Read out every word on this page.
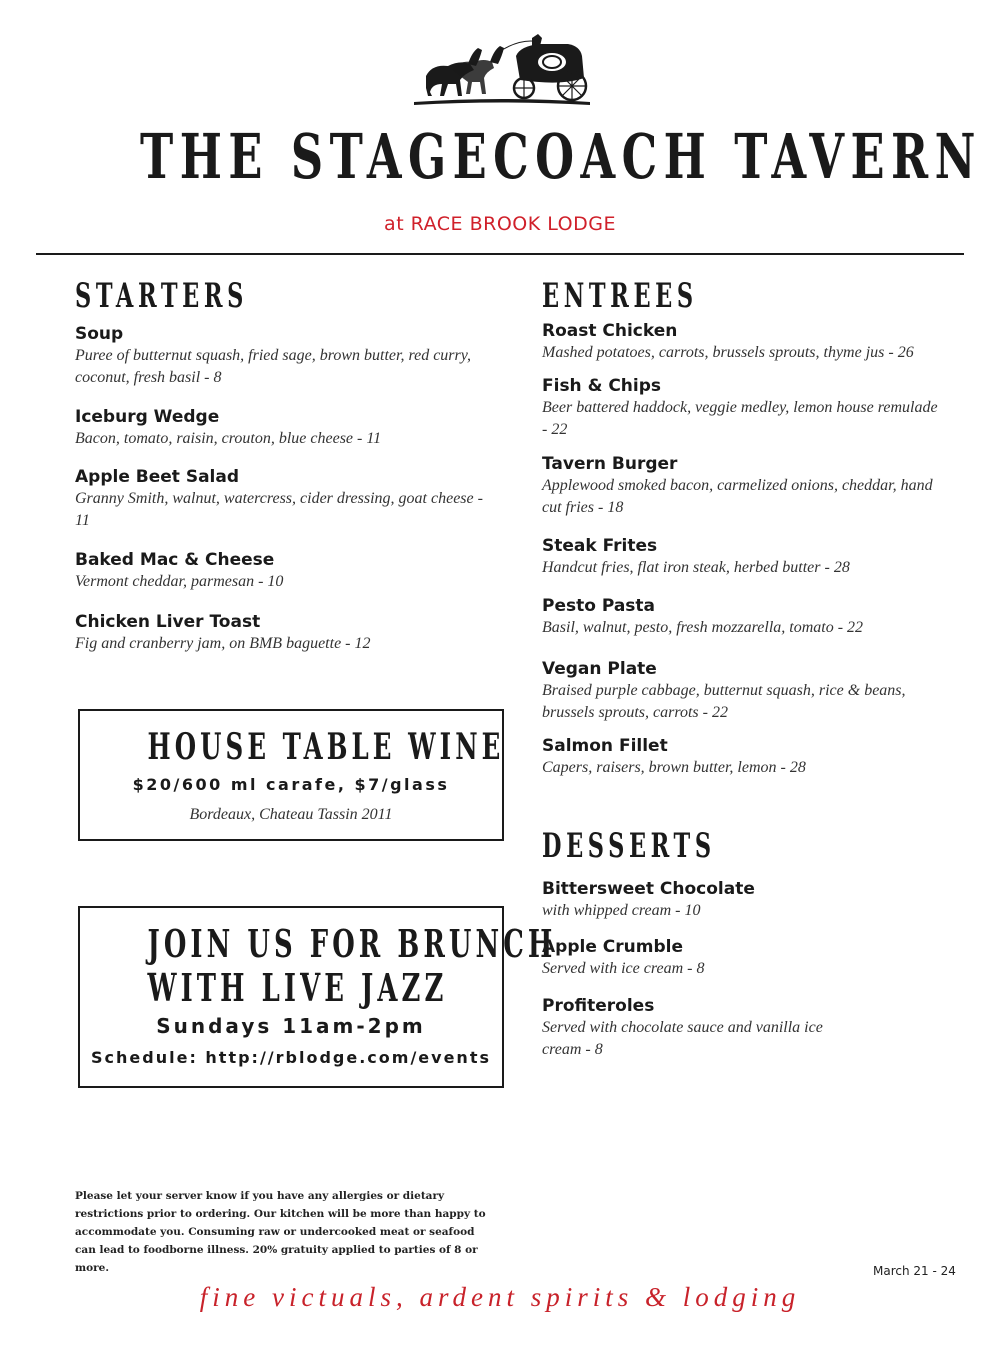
THE STAGECOACH TAVERN
at RACE BROOK LODGE
STARTERS
Soup
Puree of butternut squash, fried sage, brown butter, red curry, coconut, fresh basil - 8
Iceburg Wedge
Bacon, tomato, raisin, crouton, blue cheese - 11
Apple Beet Salad
Granny Smith, walnut, watercress, cider dressing, goat cheese - 11
Baked Mac & Cheese
Vermont cheddar, parmesan - 10
Chicken Liver Toast
Fig and cranberry jam, on BMB baguette - 12
HOUSE TABLE WINE
$20/600 ml carafe, $7/glass
Bordeaux, Chateau Tassin 2011
JOIN US FOR BRUNCH
WITH LIVE JAZZ
Sundays 11am-2pm
Schedule: http://rblodge.com/events
ENTREES
Roast Chicken
Mashed potatoes, carrots, brussels sprouts, thyme jus - 26
Fish & Chips
Beer battered haddock, veggie medley, lemon house remulade - 22
Tavern Burger
Applewood smoked bacon, carmelized onions, cheddar, hand cut fries - 18
Steak Frites
Handcut fries, flat iron steak, herbed butter - 28
Pesto Pasta
Basil, walnut, pesto, fresh mozzarella, tomato - 22
Vegan Plate
Braised purple cabbage, butternut squash, rice & beans, brussels sprouts, carrots - 22
Salmon Fillet
Capers, raisers, brown butter, lemon - 28
DESSERTS
Bittersweet Chocolate
with whipped cream - 10
Apple Crumble
Served with ice cream - 8
Profiteroles
Served with chocolate sauce and vanilla ice cream - 8
Please let your server know if you have any allergies or dietary restrictions prior to ordering. Our kitchen will be more than happy to accommodate you. Consuming raw or undercooked meat or seafood can lead to foodborne illness. 20% gratuity applied to parties of 8 or more.	March 21 - 24
fine victuals, ardent spirits & lodging
